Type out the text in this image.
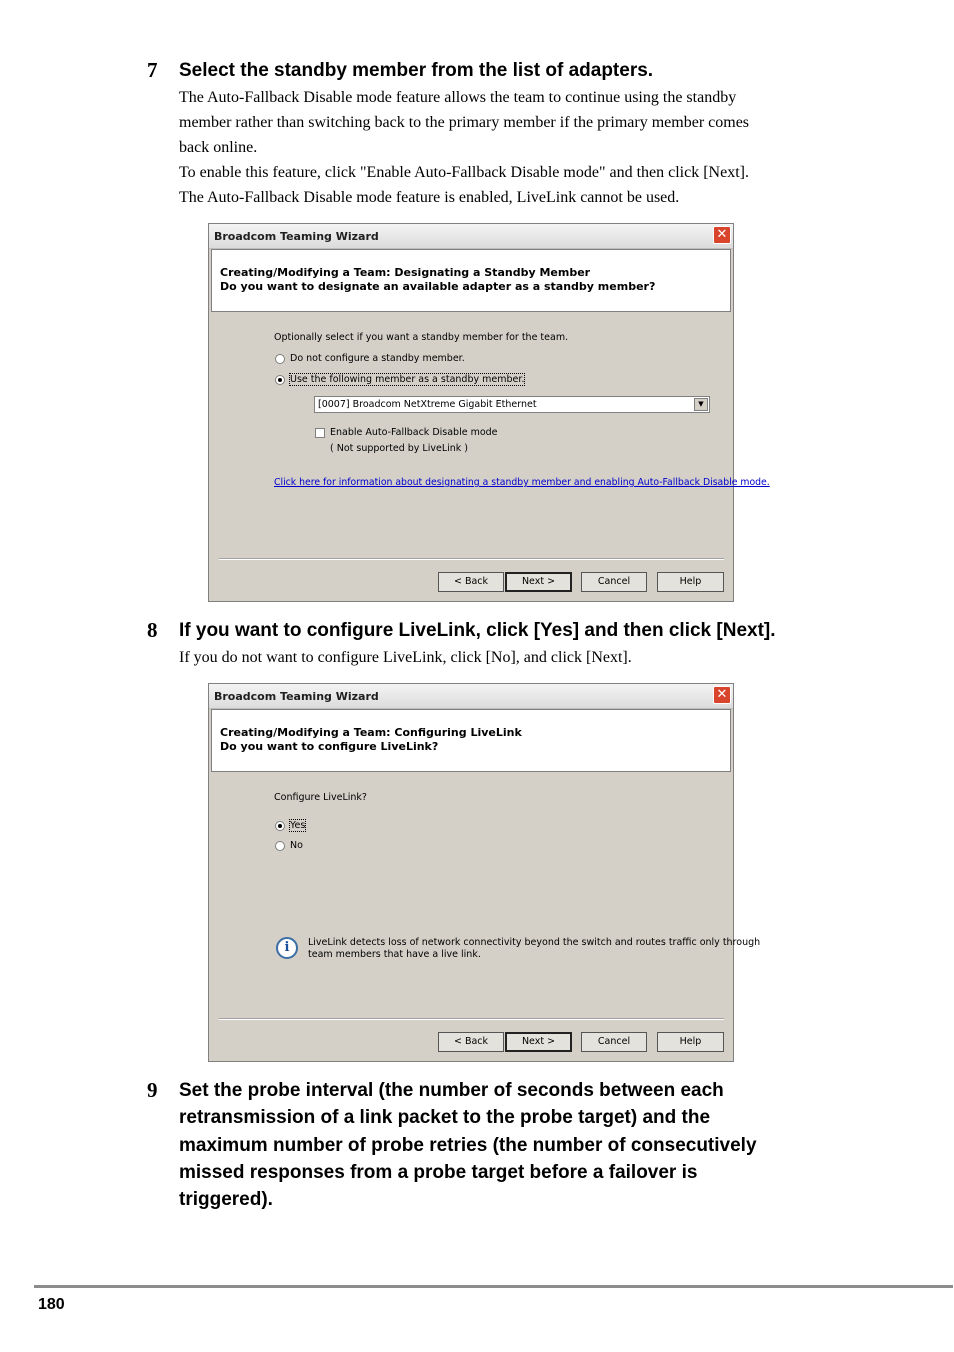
7 Select the standby member from the list of adapters.
The Auto-Fallback Disable mode feature allows the team to continue using the standby
member rather than switching back to the primary member if the primary member comes
back online.
To enable this feature, click "Enable Auto-Fallback Disable mode" and then click [Next].
The Auto-Fallback Disable mode feature is enabled, LiveLink cannot be used.
Broadcom Teaming Wizard	✕
Creating/Modifying a Team: Designating a Standby Member
Do you want to designate an available adapter as a standby member?
Optionally select if you want a standby member for the team.
Do not configure a standby member.
Use the following member as a standby member.
[0007] Broadcom NetXtreme Gigabit Ethernet	▼
Enable Auto-Fallback Disable mode
( Not supported by LiveLink )
Click here for information about designating a standby member and enabling Auto-Fallback Disable mode.
< Back	Next >	Cancel	Help
8 If you want to configure LiveLink, click [Yes] and then click [Next].
If you do not want to configure LiveLink, click [No], and click [Next].
Broadcom Teaming Wizard	✕
Creating/Modifying a Team: Configuring LiveLink
Do you want to configure LiveLink?
Configure LiveLink?
Yes
No
i	LiveLink detects loss of network connectivity beyond the switch and routes traffic only through
team members that have a live link.
< Back	Next >	Cancel	Help
9 Set the probe interval (the number of seconds between each
retransmission of a link packet to the probe target) and the
maximum number of probe retries (the number of consecutively
missed responses from a probe target before a failover is
triggered).
180
